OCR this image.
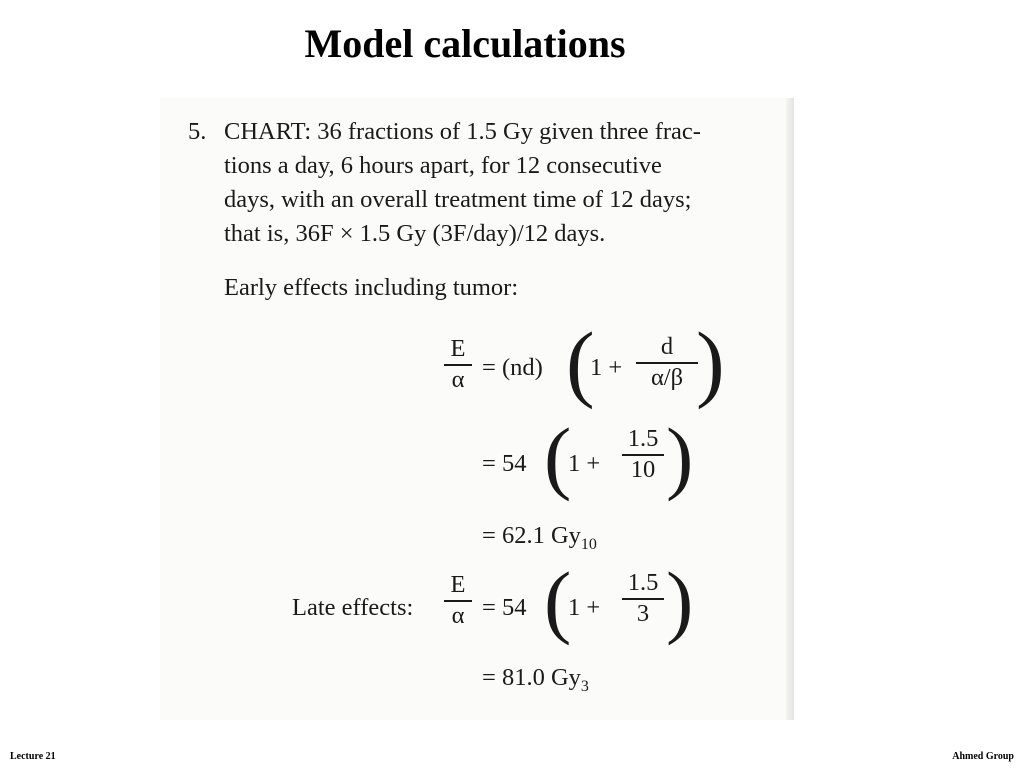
Model calculations
5. CHART: 36 fractions of 1.5 Gy given three frac-
tions a day, 6 hours apart, for 12 consecutive
days, with an overall treatment time of 12 days;
that is, 36F × 1.5 Gy (3F/day)/12 days.
Early effects including tumor:
E
α = (nd) (
1 +
d
α/β )
= 54 (
1 +
1.5
10 )
= 62.1 $Gy_{10}$
Late effects:
E
α = 54 (
1 +
1.5
3 )
= 81.0 $Gy_3$
Lecture 21	Ahmed Group
